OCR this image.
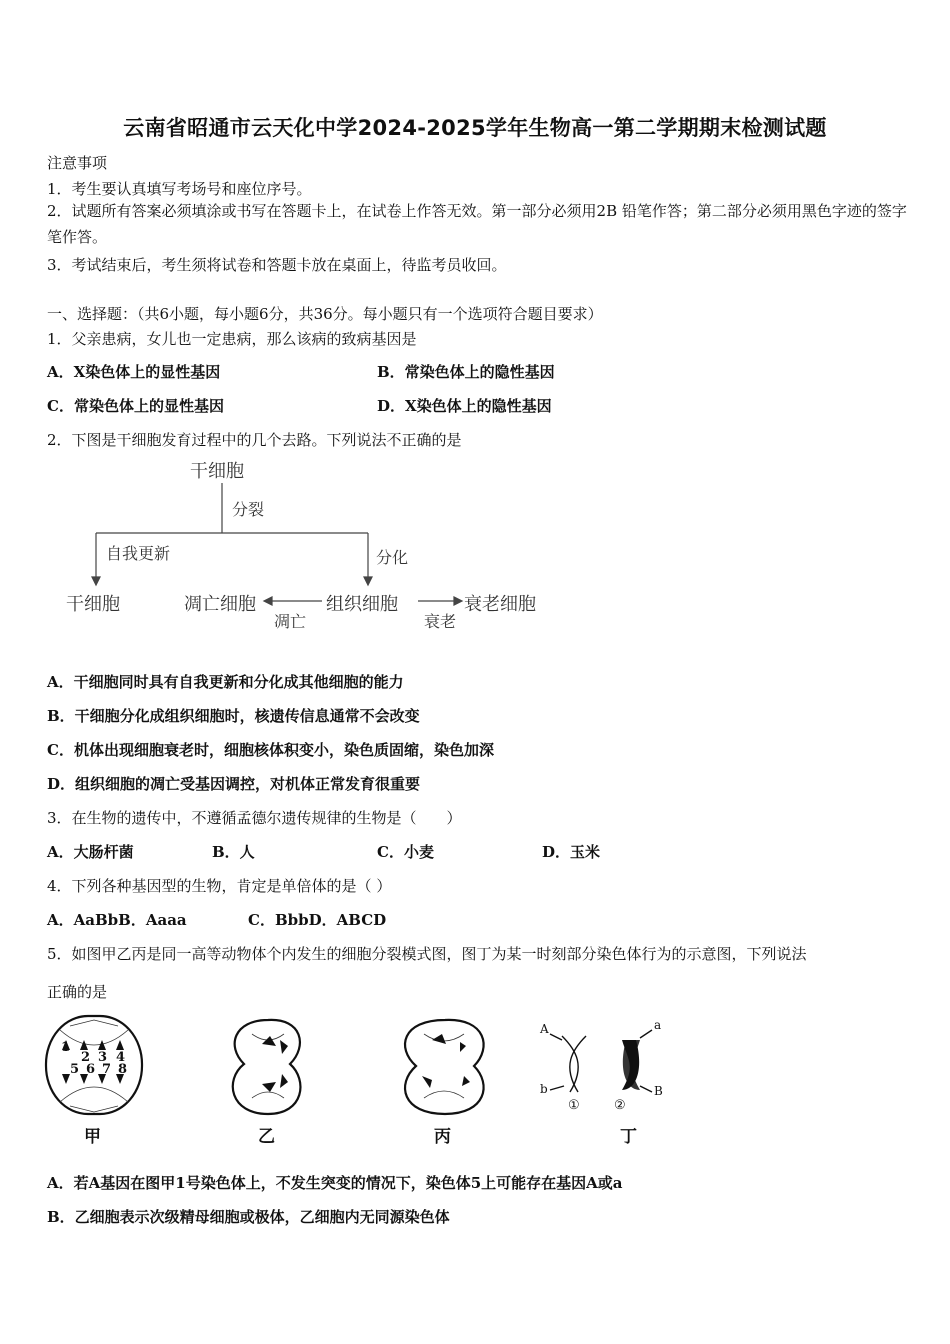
云南省昭通市云天化中学2024-2025学年生物高一第二学期期末检测试题
注意事项
1．考生要认真填写考场号和座位序号。
2．试题所有答案必须填涂或书写在答题卡上，在试卷上作答无效。第一部分必须用2B 铅笔作答；第二部分必须用黑色字迹的签字笔作答。
3．考试结束后，考生须将试卷和答题卡放在桌面上，待监考员收回。
一、选择题：（共6小题，每小题6分，共36分。每小题只有一个选项符合题目要求）
1．父亲患病，女儿也一定患病，那么该病的致病基因是
A．X染色体上的显性基因	B．常染色体上的隐性基因
C．常染色体上的显性基因	D．X染色体上的隐性基因
2．下图是干细胞发育过程中的几个去路。下列说法不正确的是
干细胞
分裂
自我更新	分化
干细胞	凋亡细胞	组织细胞	衰老细胞
凋亡	衰老
A．干细胞同时具有自我更新和分化成其他细胞的能力
B．干细胞分化成组织细胞时，核遗传信息通常不会改变
C．机体出现细胞衰老时，细胞核体积变小，染色质固缩，染色加深
D．组织细胞的凋亡受基因调控，对机体正常发育很重要
3．在生物的遗传中，不遵循孟德尔遗传规律的生物是（　　）
A．大肠杆菌	B．人	C．小麦	D．玉米
4．下列各种基因型的生物，肯定是单倍体的是（ ）
A．AaBbB．Aaaa	C．BbbD．ABCD
5．如图甲乙丙是同一高等动物体个内发生的细胞分裂模式图，图丁为某一时刻部分染色体行为的示意图，下列说法
正确的是
1
2 3 4
5 6 7 8
A	a
b	B
①	②
甲	乙	丙	丁
A．若A基因在图甲1号染色体上，不发生突变的情况下，染色体5上可能存在基因A或a
B．乙细胞表示次级精母细胞或极体，乙细胞内无同源染色体
